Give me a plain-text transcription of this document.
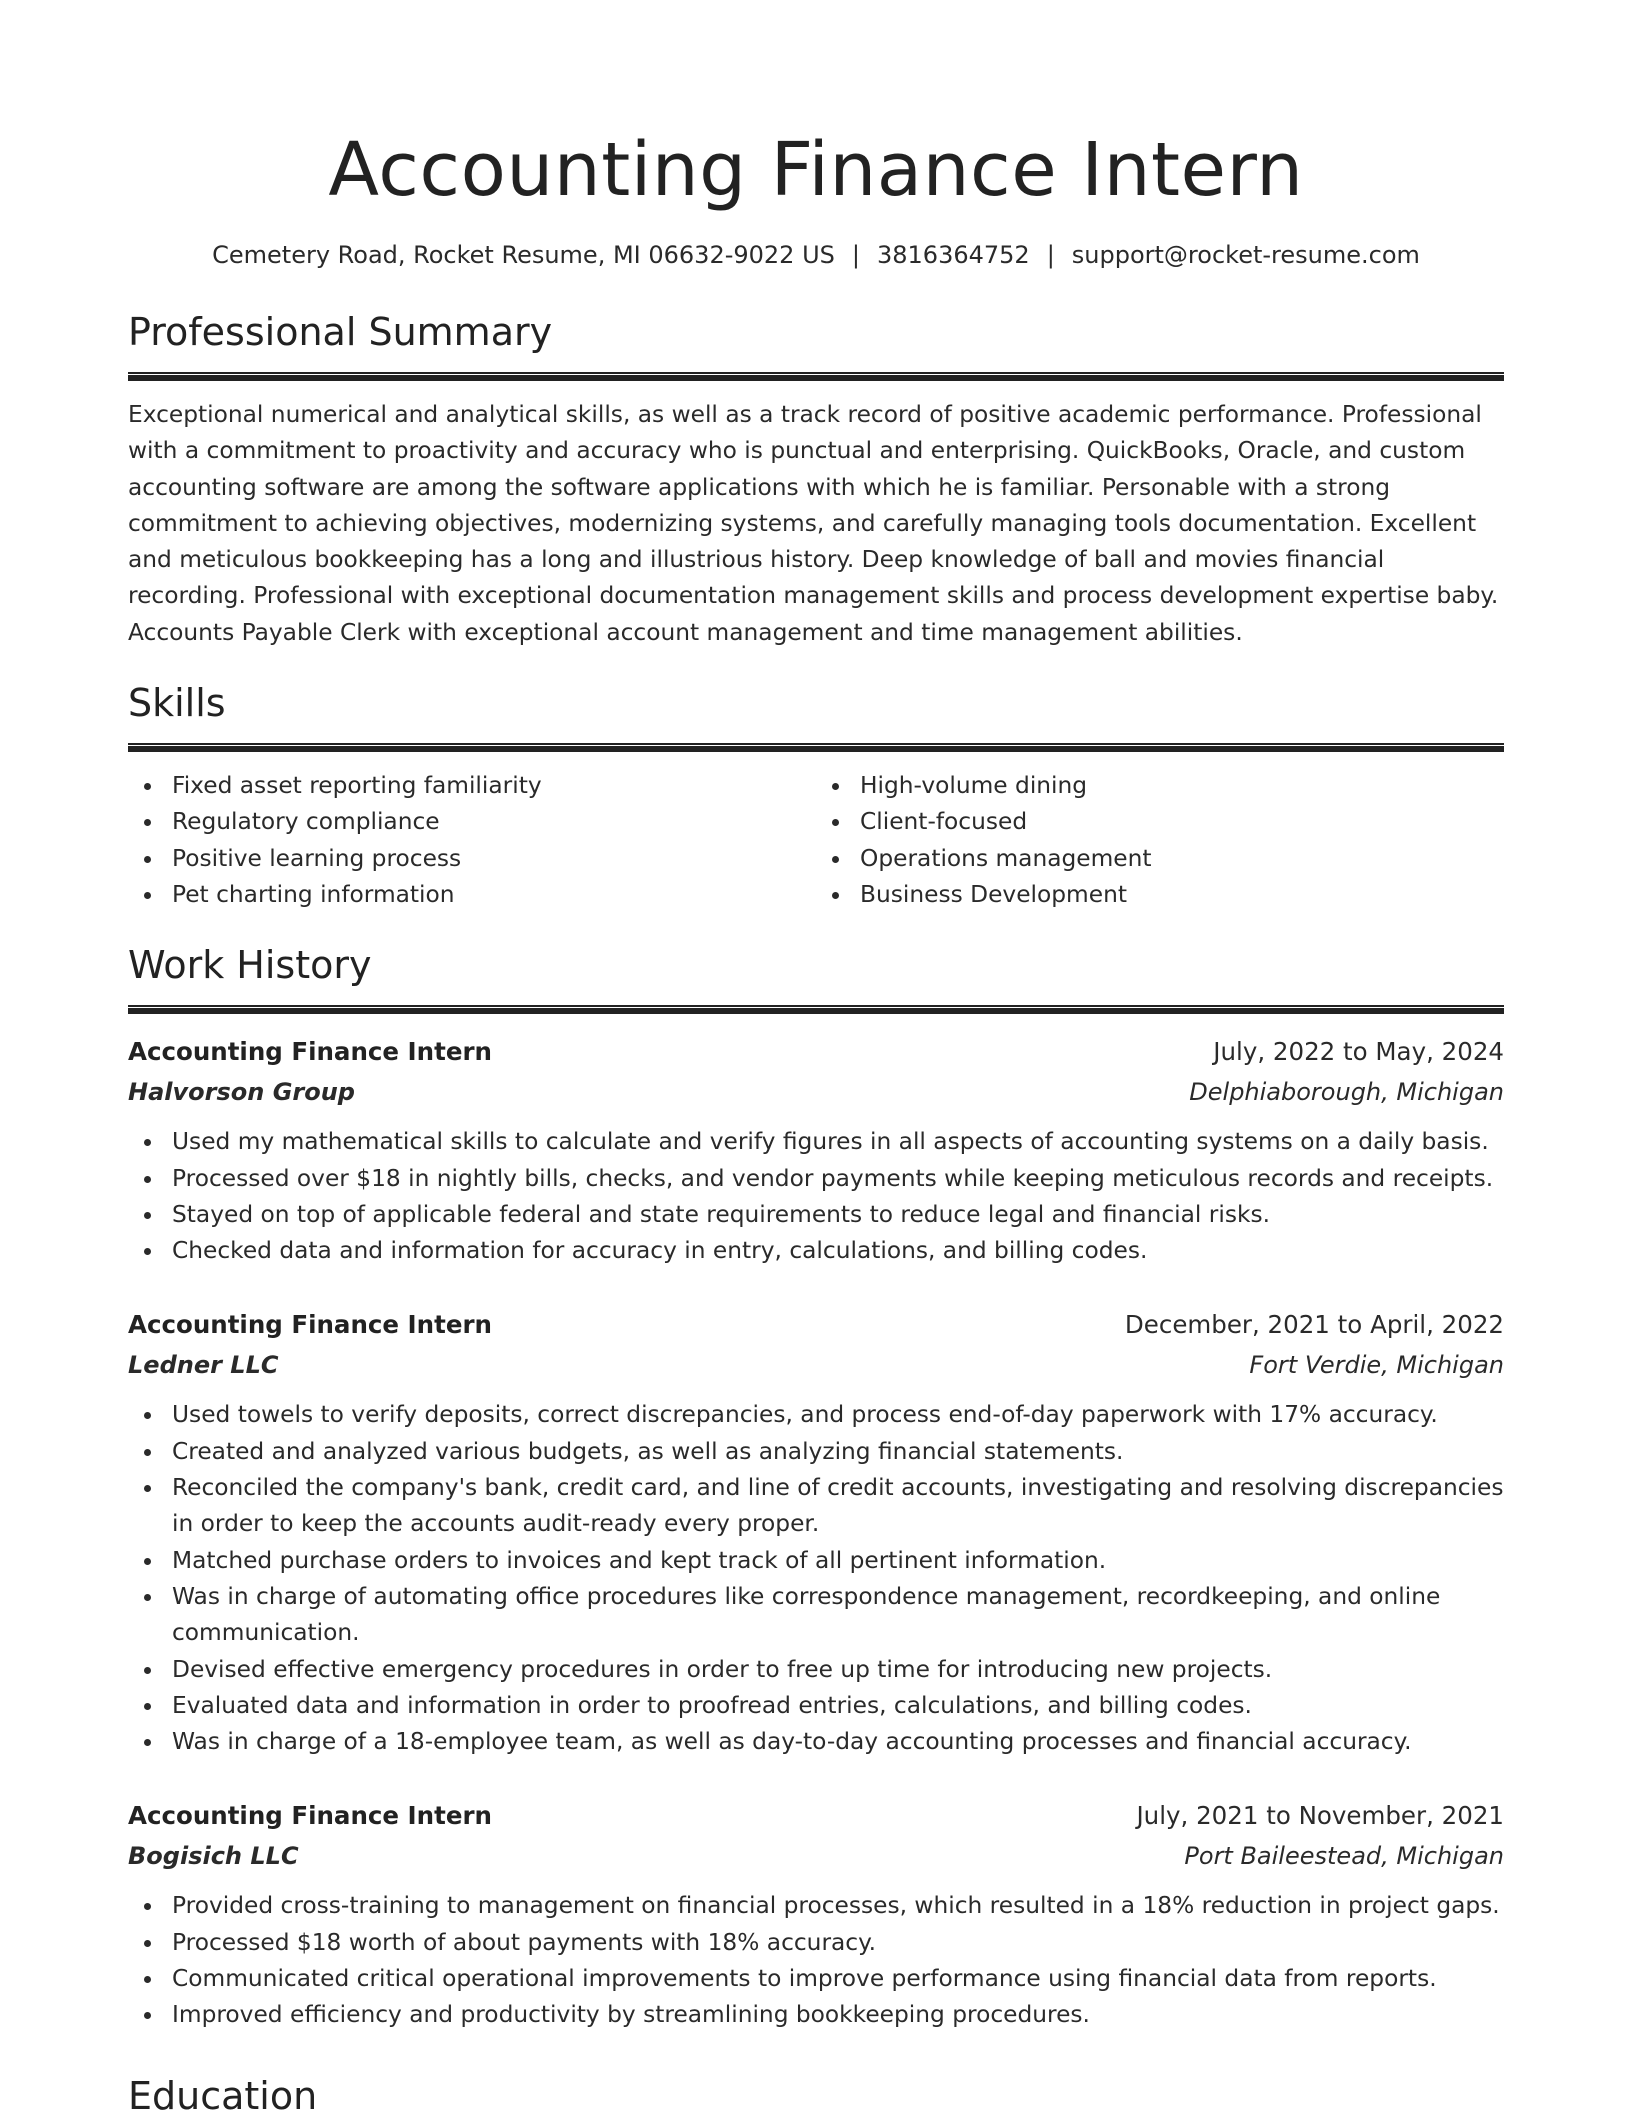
Accounting Finance Intern
Cemetery Road, Rocket Resume, MI 06632-9022 US | 3816364752 | support@rocket-resume.com
Professional Summary

Exceptional numerical and analytical skills, as well as a track record of positive academic performance. Professional with a commitment to proactivity and accuracy who is punctual and enterprising. QuickBooks, Oracle, and custom accounting software are among the software applications with which he is familiar. Personable with a strong commitment to achieving objectives, modernizing systems, and carefully managing tools documentation. Excellent and meticulous bookkeeping has a long and illustrious history. Deep knowledge of ball and movies financial recording. Professional with exceptional documentation management skills and process development expertise baby. Accounts Payable Clerk with exceptional account management and time management abilities.

Skills
Fixed asset reporting familiarity
Regulatory compliance
Positive learning process
Pet charting information
High-volume dining
Client-focused
Operations management
Business Development
Work History
Accounting Finance Intern	July, 2022 to May, 2024
Halvorson Group	Delphiaborough, Michigan
Used my mathematical skills to calculate and verify figures in all aspects of accounting systems on a daily basis.
Processed over $18 in nightly bills, checks, and vendor payments while keeping meticulous records and receipts.
Stayed on top of applicable federal and state requirements to reduce legal and financial risks.
Checked data and information for accuracy in entry, calculations, and billing codes.
Accounting Finance Intern	December, 2021 to April, 2022
Ledner LLC	Fort Verdie, Michigan
Used towels to verify deposits, correct discrepancies, and process end-of-day paperwork with 17% accuracy.
Created and analyzed various budgets, as well as analyzing financial statements.
Reconciled the company's bank, credit card, and line of credit accounts, investigating and resolving discrepancies in order to keep the accounts audit-ready every proper.
Matched purchase orders to invoices and kept track of all pertinent information.
Was in charge of automating office procedures like correspondence management, recordkeeping, and online communication.
Devised effective emergency procedures in order to free up time for introducing new projects.
Evaluated data and information in order to proofread entries, calculations, and billing codes.
Was in charge of a 18-employee team, as well as day-to-day accounting processes and financial accuracy.
Accounting Finance Intern	July, 2021 to November, 2021
Bogisich LLC	Port Baileestead, Michigan
Provided cross-training to management on financial processes, which resulted in a 18% reduction in project gaps.
Processed $18 worth of about payments with 18% accuracy.
Communicated critical operational improvements to improve performance using financial data from reports.
Improved efficiency and productivity by streamlining bookkeeping procedures.
Education
